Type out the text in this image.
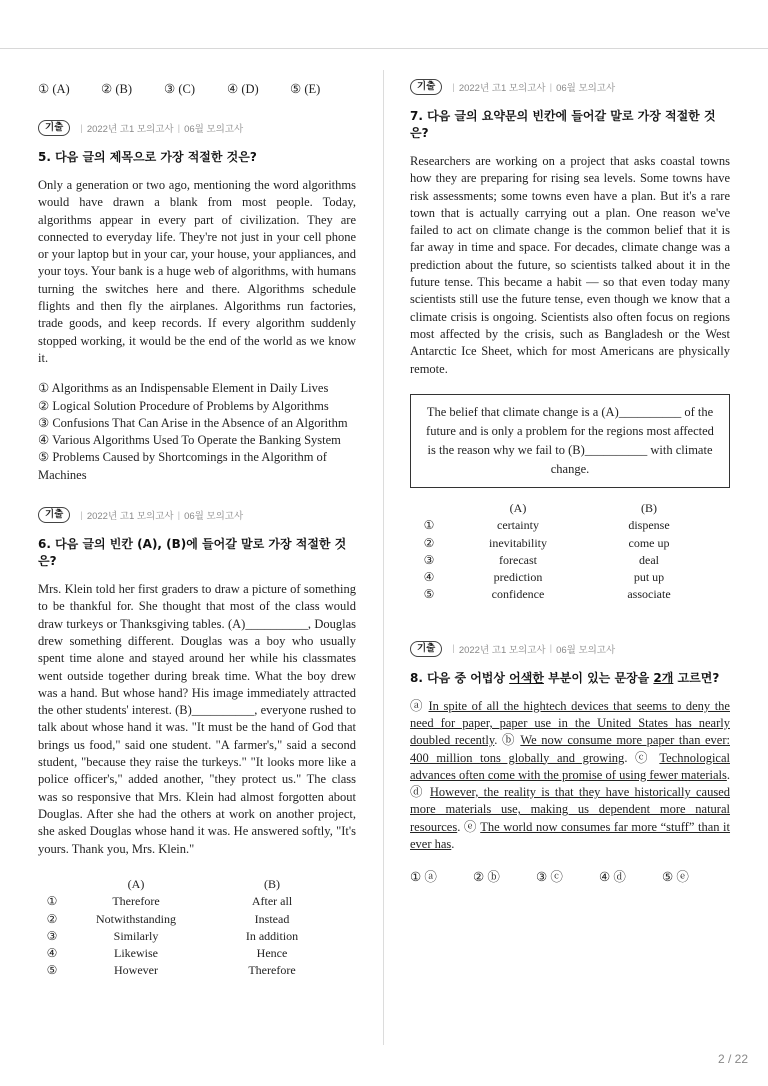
① (A)	② (B)	③ (C)	④ (D)	⑤ (E)
기출	| 2022년 고1 모의고사 | 06월 모의고사
5. 다음 글의 제목으로 가장 적절한 것은?

Only a generation or two ago, mentioning the word algorithms would have drawn a blank from most people. Today, algorithms appear in every part of civilization. They are connected to everyday life. They're not just in your cell phone or your laptop but in your car, your house, your appliances, and your toys. Your bank is a huge web of algorithms, with humans turning the switches here and there. Algorithms schedule flights and then fly the airplanes. Algorithms run factories, trade goods, and keep records. If every algorithm suddenly stopped working, it would be the end of the world as we know it.

① Algorithms as an Indispensable Element in Daily Lives
② Logical Solution Procedure of Problems by Algorithms
③ Confusions That Can Arise in the Absence of an Algorithm
④ Various Algorithms Used To Operate the Banking System
⑤ Problems Caused by Shortcomings in the Algorithm of Machines
기출	| 2022년 고1 모의고사 | 06월 모의고사
6. 다음 글의 빈칸 (A), (B)에 들어갈 말로 가장 적절한 것은?

Mrs. Klein told her first graders to draw a picture of something to be thankful for. She thought that most of the class would draw turkeys or Thanksgiving tables. (A)__________, Douglas drew something different. Douglas was a boy who usually spent time alone and stayed around her while his classmates went outside together during break time. What the boy drew was a hand. But whose hand? His image immediately attracted the other students' interest. (B)__________, everyone rushed to talk about whose hand it was. "It must be the hand of God that brings us food," said one student. "A farmer's," said a second student, "because they raise the turkeys." "It looks more like a police officer's," added another, "they protect us." The class was so responsive that Mrs. Klein had almost forgotten about Douglas. After she had the others at work on another project, she asked Douglas whose hand it was. He answered softly, "It's yours. Thank you, Mrs. Klein."

	(A)	(B)
①	Therefore	After all
②	Notwithstanding	Instead
③	Similarly	In addition
④	Likewise	Hence
⑤	However	Therefore
기출	| 2022년 고1 모의고사 | 06월 모의고사
7. 다음 글의 요약문의 빈칸에 들어갈 말로 가장 적절한 것은?

Researchers are working on a project that asks coastal towns how they are preparing for rising sea levels. Some towns have risk assessments; some towns even have a plan. But it's a rare town that is actually carrying out a plan. One reason we've failed to act on climate change is the common belief that it is far away in time and space. For decades, climate change was a prediction about the future, so scientists talked about it in the future tense. This became a habit — so that even today many scientists still use the future tense, even though we know that a climate crisis is ongoing. Scientists also often focus on regions most affected by the crisis, such as Bangladesh or the West Antarctic Ice Sheet, which for most Americans are physically remote.

The belief that climate change is a (A)__________ of the future and is only a problem for the regions most affected is the reason why we fail to (B)__________ with climate change.
	(A)	(B)
①	certainty	dispense
②	inevitability	come up
③	forecast	deal
④	prediction	put up
⑤	confidence	associate
기출	| 2022년 고1 모의고사 | 06월 모의고사
8. 다음 중 어법상 어색한 부분이 있는 문장을 2개 고르면?

ⓐ In spite of all the hightech devices that seems to deny the need for paper, paper use in the United States has nearly doubled recently. ⓑ We now consume more paper than ever: 400 million tons globally and growing. ⓒ Technological advances often come with the promise of using fewer materials. ⓓ However, the reality is that they have historically caused more materials use, making us dependent more natural resources. ⓔ The world now consumes far more “stuff” than it ever has.

① ⓐ	② ⓑ	③ ⓒ	④ ⓓ	⑤ ⓔ
2 / 22
